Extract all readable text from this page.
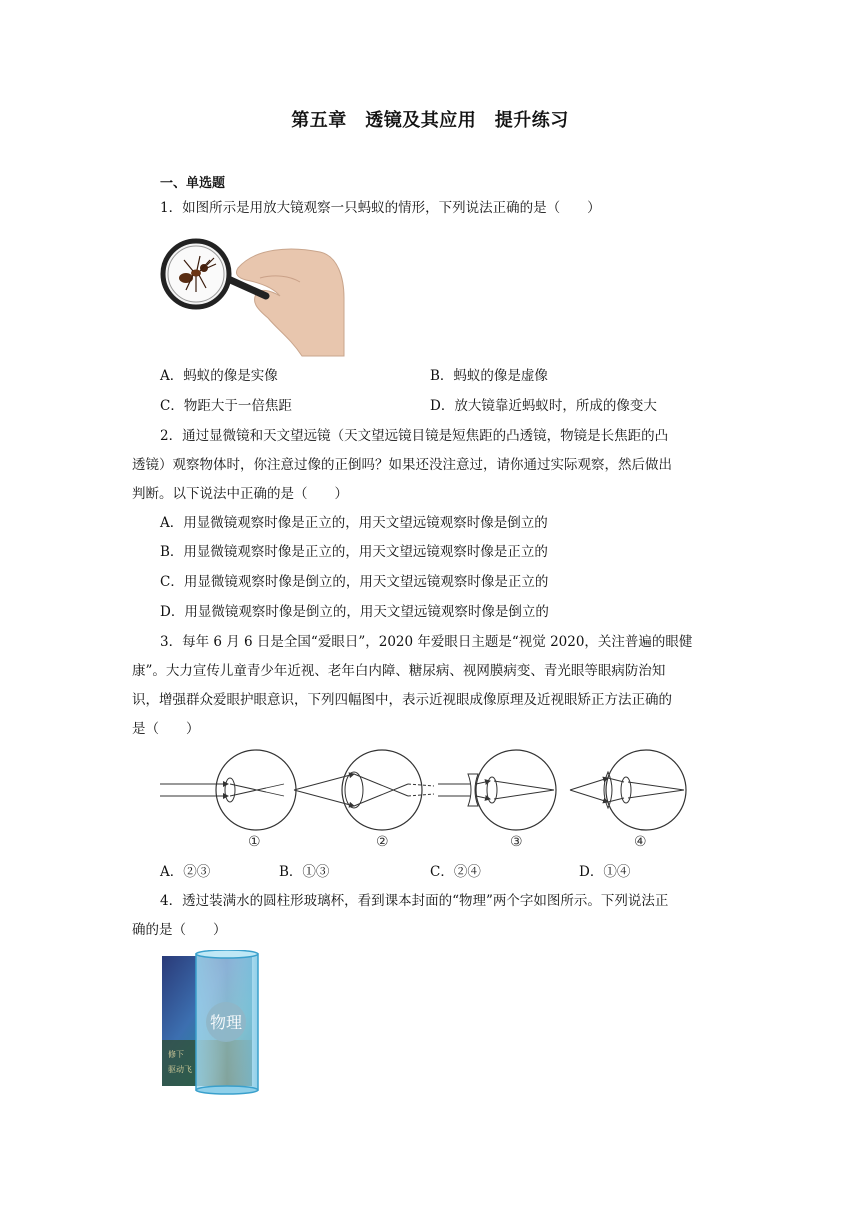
第五章　透镜及其应用　提升练习
一、单选题
1．如图所示是用放大镜观察一只蚂蚁的情形，下列说法正确的是（　　）
A．蚂蚁的像是实像	B．蚂蚁的像是虚像
C．物距大于一倍焦距	D．放大镜靠近蚂蚁时，所成的像变大
2．通过显微镜和天文望远镜（天文望远镜目镜是短焦距的凸透镜，物镜是长焦距的凸
透镜）观察物体时，你注意过像的正倒吗？如果还没注意过，请你通过实际观察，然后做出
判断。以下说法中正确的是（　　）
A．用显微镜观察时像是正立的，用天文望远镜观察时像是倒立的
B．用显微镜观察时像是正立的，用天文望远镜观察时像是正立的
C．用显微镜观察时像是倒立的，用天文望远镜观察时像是正立的
D．用显微镜观察时像是倒立的，用天文望远镜观察时像是倒立的
3．每年 6 月 6 日是全国“爱眼日”，2020 年爱眼日主题是“视觉 2020，关注普遍的眼健
康”。大力宣传儿童青少年近视、老年白内障、糖尿病、视网膜病变、青光眼等眼病防治知
识，增强群众爱眼护眼意识，下列四幅图中，表示近视眼成像原理及近视眼矫正方法正确的
是（　　）
①	②	③	④
A．②③	B．①③	C．②④	D．①④
4．透过装满水的圆柱形玻璃杯，看到课本封面的“物理”两个字如图所示。下列说法正
确的是（　　）
修下
驱动飞
物理
